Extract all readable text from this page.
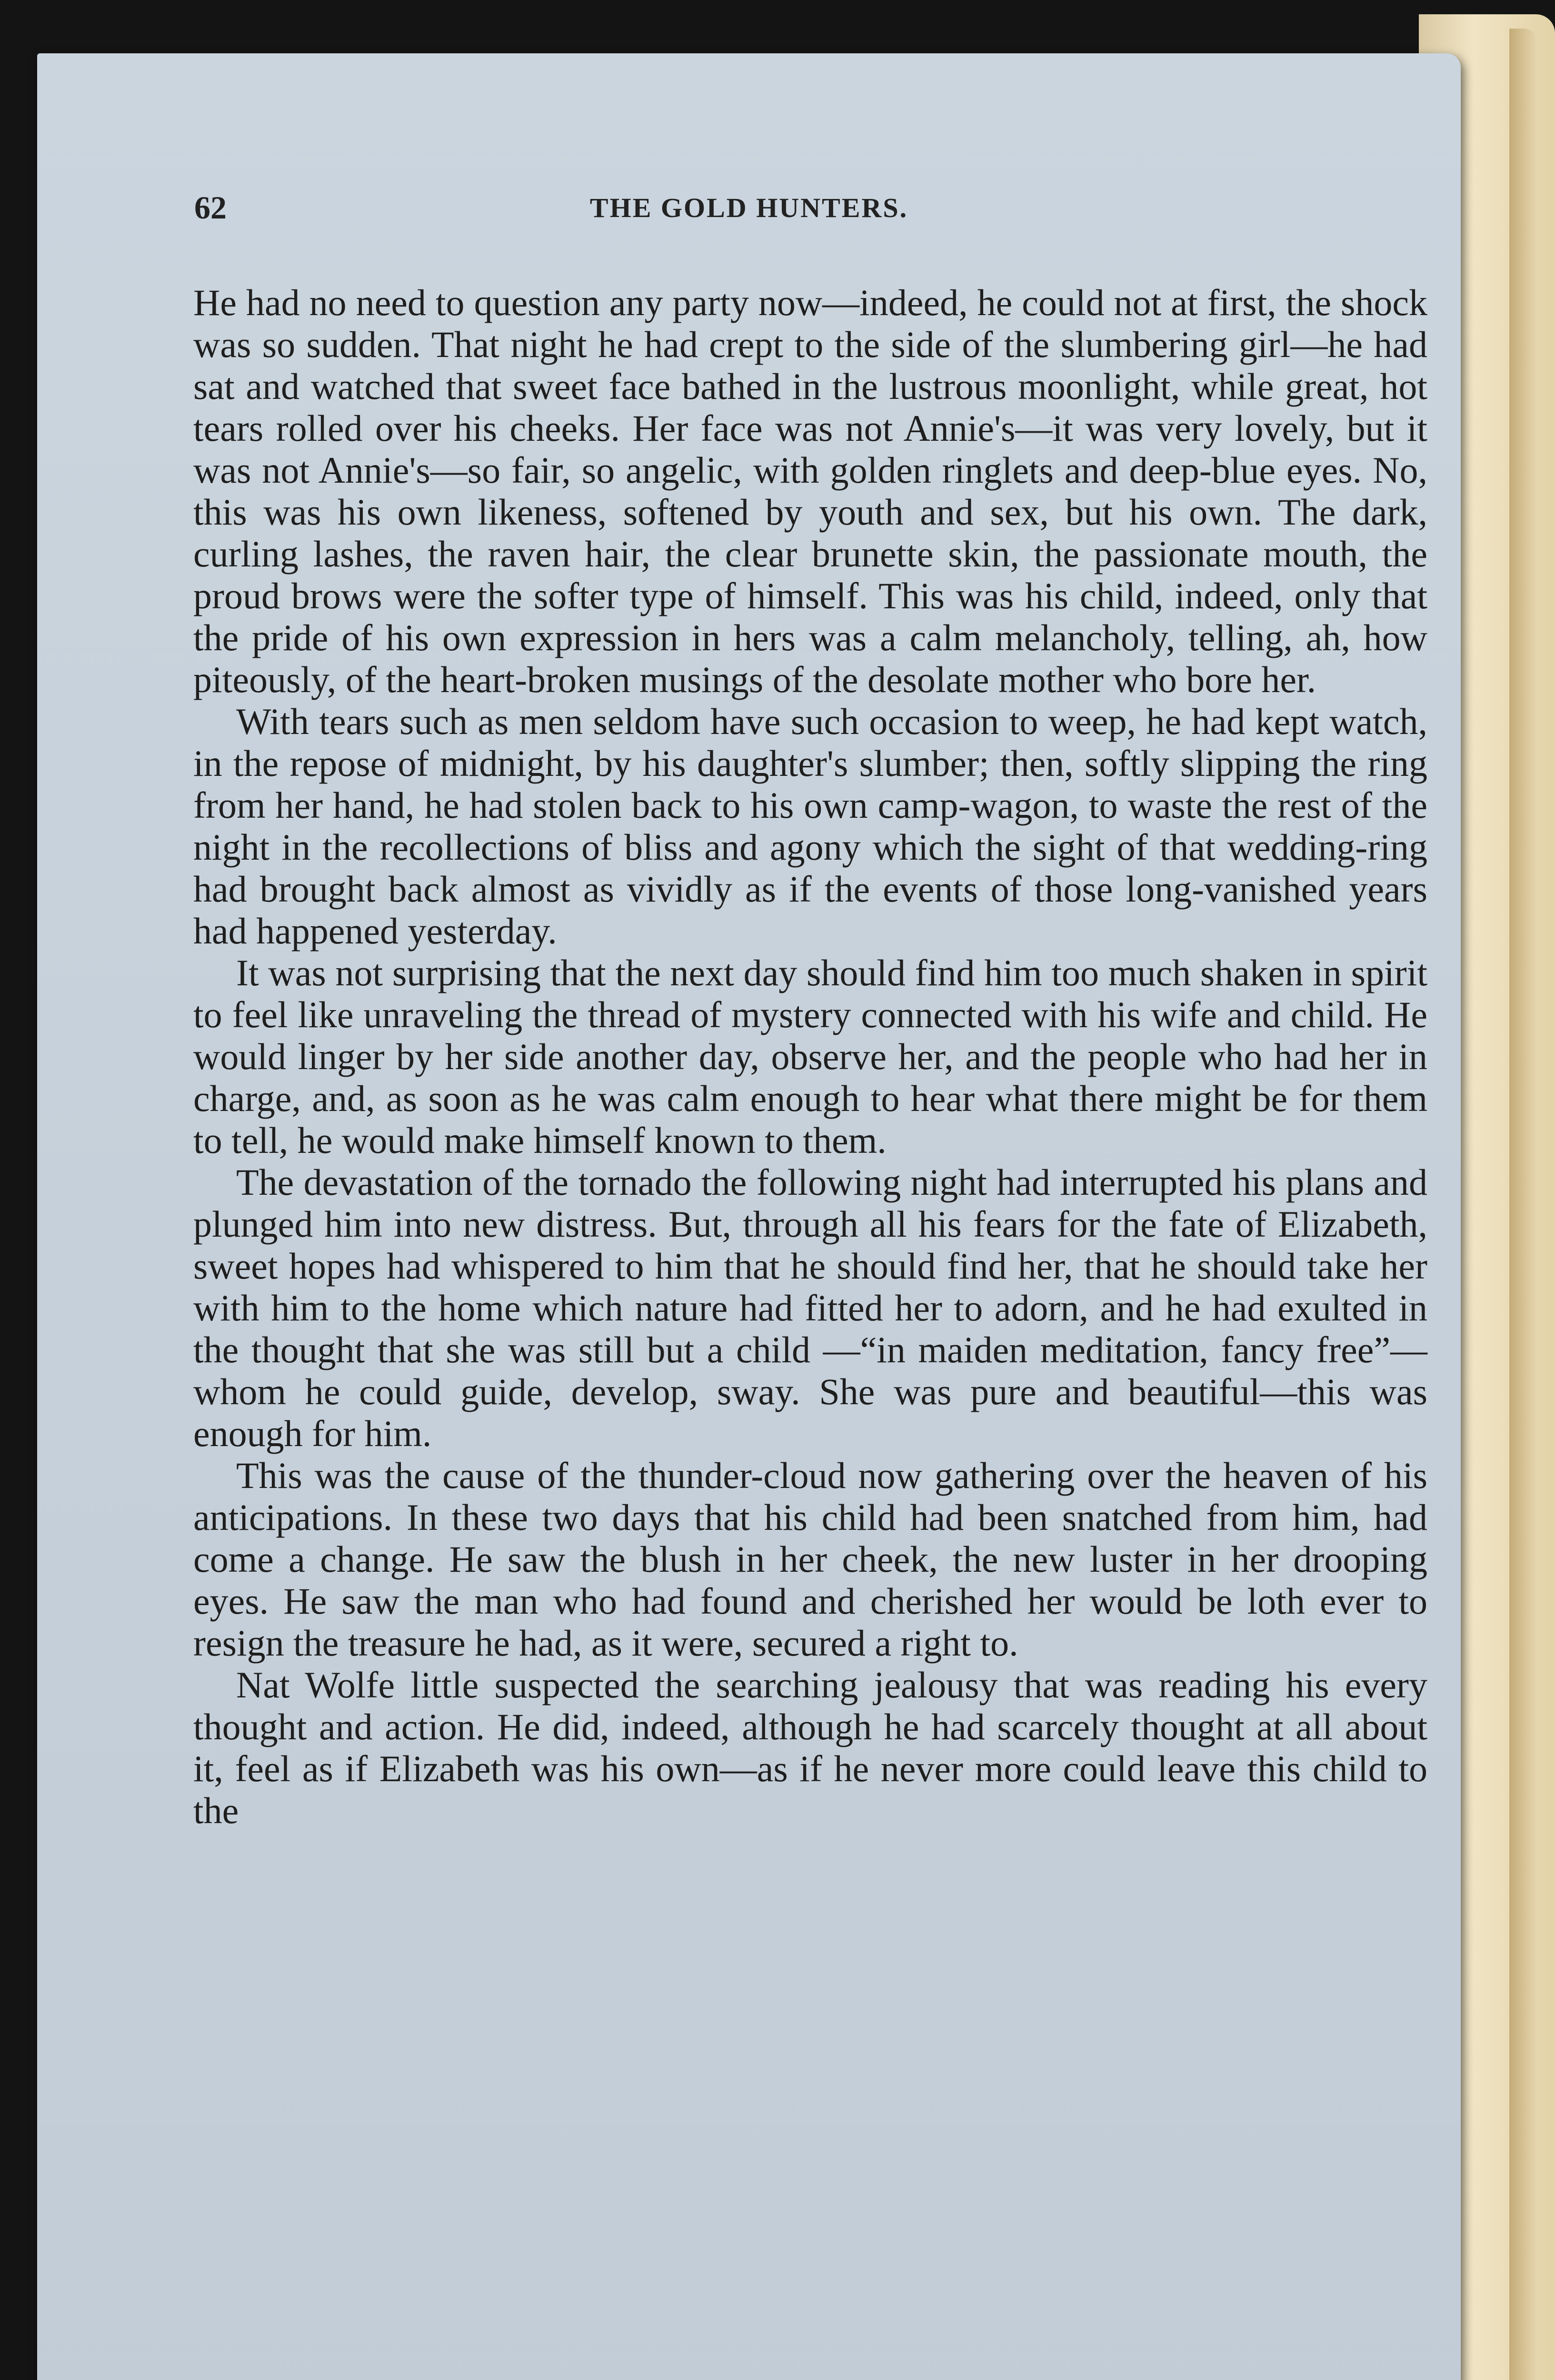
62	THE GOLD HUNTERS.

He had no need to question any party now—indeed, he could not at first, the shock was so sudden. That night he had crept to the side of the slumbering girl—he had sat and watched that sweet face bathed in the lustrous moonlight, while great, hot tears rolled over his cheeks. Her face was not Annie's—it was very lovely, but it was not Annie's—so fair, so angelic, with golden ringlets and deep-blue eyes. No, this was his own likeness, softened by youth and sex, but his own. The dark, curling lashes, the raven hair, the clear brunette skin, the passionate mouth, the proud brows were the softer type of himself. This was his child, indeed, only that the pride of his own expression in hers was a calm melancholy, telling, ah, how piteously, of the heart-broken musings of the desolate mother who bore her.

With tears such as men seldom have such occasion to weep, he had kept watch, in the repose of midnight, by his daughter's slumber; then, softly slipping the ring from her hand, he had stolen back to his own camp-wagon, to waste the rest of the night in the recollections of bliss and agony which the sight of that wedding-ring had brought back almost as vividly as if the events of those long-vanished years had happened yesterday.

It was not surprising that the next day should find him too much shaken in spirit to feel like unraveling the thread of mystery connected with his wife and child. He would linger by her side another day, observe her, and the people who had her in charge, and, as soon as he was calm enough to hear what there might be for them to tell, he would make himself known to them.

The devastation of the tornado the following night had interrupted his plans and plunged him into new distress. But, through all his fears for the fate of Elizabeth, sweet hopes had whispered to him that he should find her, that he should take her with him to the home which nature had fitted her to adorn, and he had exulted in the thought that she was still but a child —“in maiden meditation, fancy free”—whom he could guide, develop, sway. She was pure and beautiful—this was enough for him.

This was the cause of the thunder-cloud now gathering over the heaven of his anticipations. In these two days that his child had been snatched from him, had come a change. He saw the blush in her cheek, the new luster in her drooping eyes. He saw the man who had found and cherished her would be loth ever to resign the treasure he had, as it were, secured a right to.

Nat Wolfe little suspected the searching jealousy that was reading his every thought and action. He did, indeed, although he had scarcely thought at all about it, feel as if Elizabeth was his own—as if he never more could leave this child to the
